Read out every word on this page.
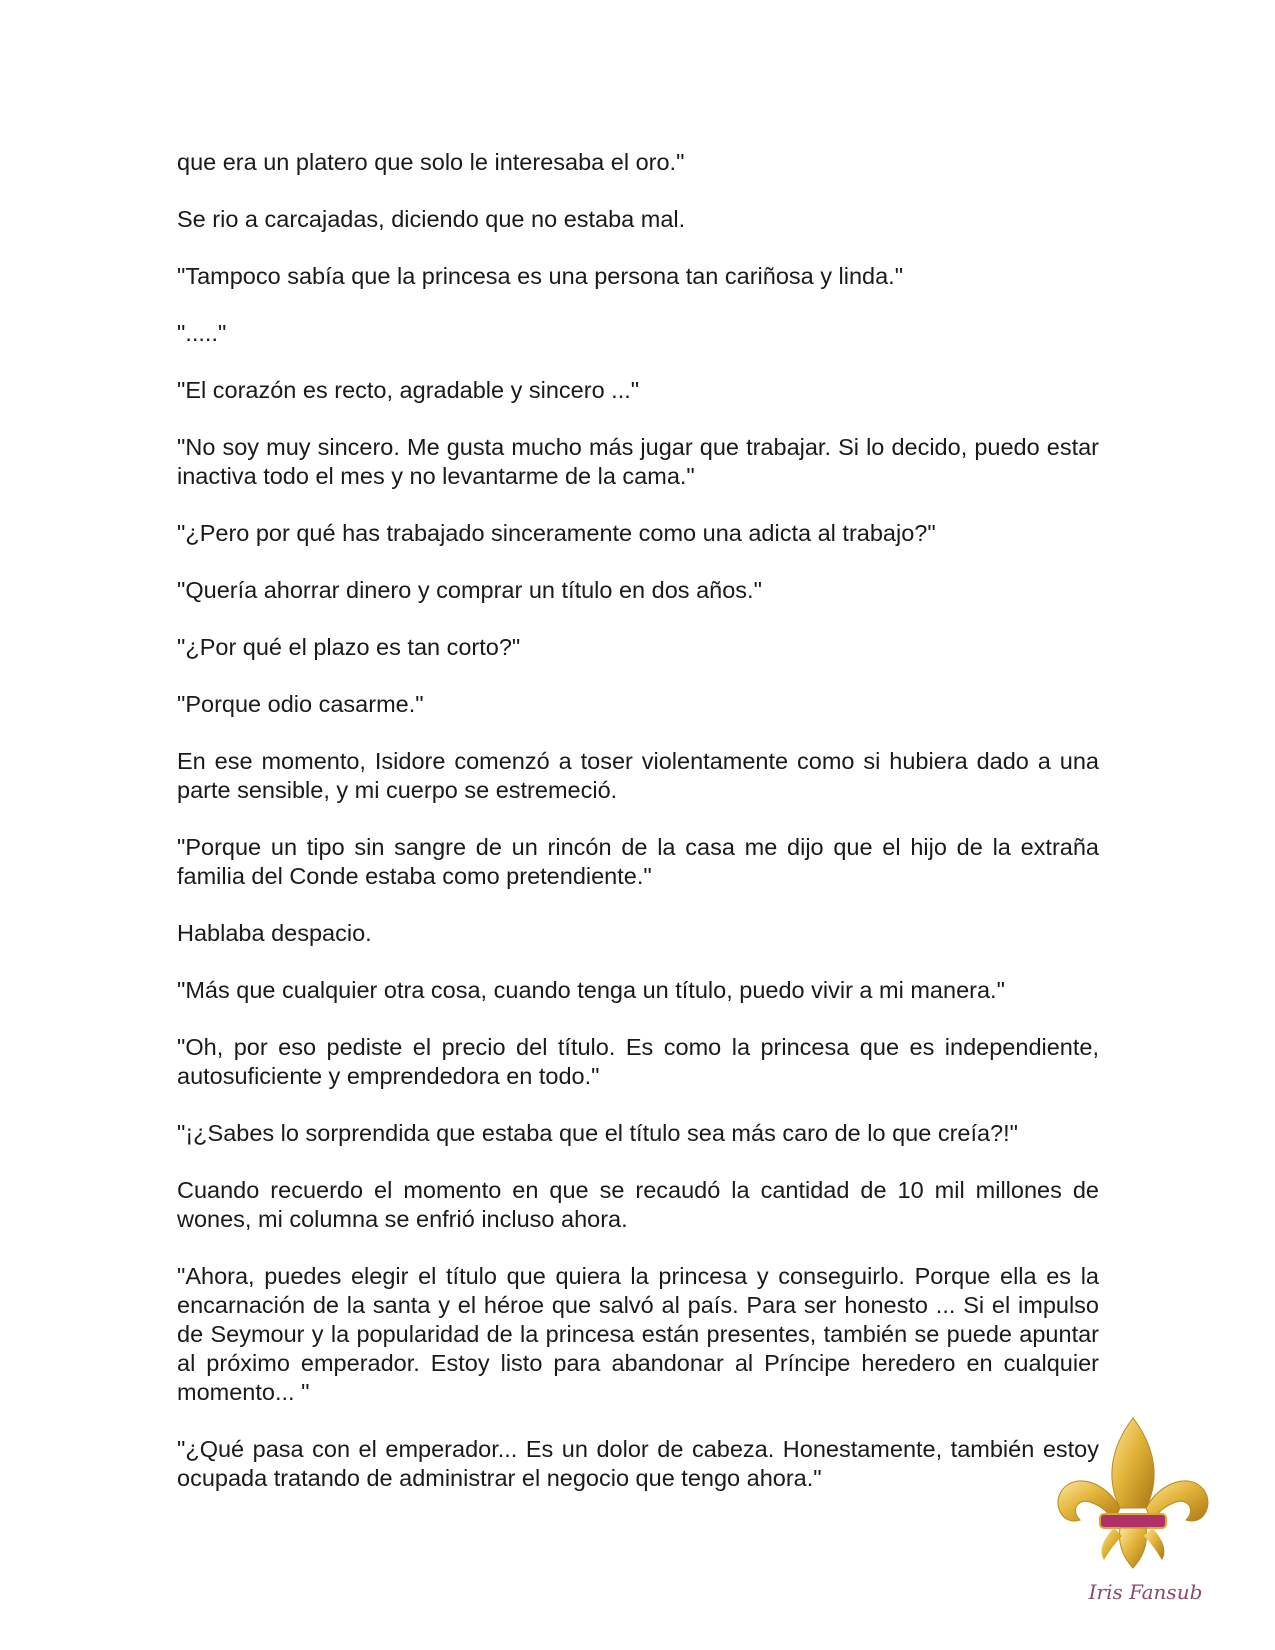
que era un platero que solo le interesaba el oro."

Se rio a carcajadas, diciendo que no estaba mal.

"Tampoco sabía que la princesa es una persona tan cariñosa y linda."

"....."

"El corazón es recto, agradable y sincero ..."

"No soy muy sincero. Me gusta mucho más jugar que trabajar. Si lo decido, puedo estar inactiva todo el mes y no levantarme de la cama."

"¿Pero por qué has trabajado sinceramente como una adicta al trabajo?"

"Quería ahorrar dinero y comprar un título en dos años."

"¿Por qué el plazo es tan corto?"

"Porque odio casarme."

En ese momento, Isidore comenzó a toser violentamente como si hubiera dado a una parte sensible, y mi cuerpo se estremeció.

"Porque un tipo sin sangre de un rincón de la casa me dijo que el hijo de la extraña familia del Conde estaba como pretendiente."

Hablaba despacio.

"Más que cualquier otra cosa, cuando tenga un título, puedo vivir a mi manera."

"Oh, por eso pediste el precio del título. Es como la princesa que es independiente, autosuficiente y emprendedora en todo."

"¡¿Sabes lo sorprendida que estaba que el título sea más caro de lo que creía?!"

Cuando recuerdo el momento en que se recaudó la cantidad de 10 mil millones de wones, mi columna se enfrió incluso ahora.

"Ahora, puedes elegir el título que quiera la princesa y conseguirlo. Porque ella es la encarnación de la santa y el héroe que salvó al país. Para ser honesto ... Si el impulso de Seymour y la popularidad de la princesa están presentes, también se puede apuntar al próximo emperador. Estoy listo para abandonar al Príncipe heredero en cualquier momento... "

"¿Qué pasa con el emperador... Es un dolor de cabeza. Honestamente, también estoy ocupada tratando de administrar el negocio que tengo ahora."

Iris Fansub
